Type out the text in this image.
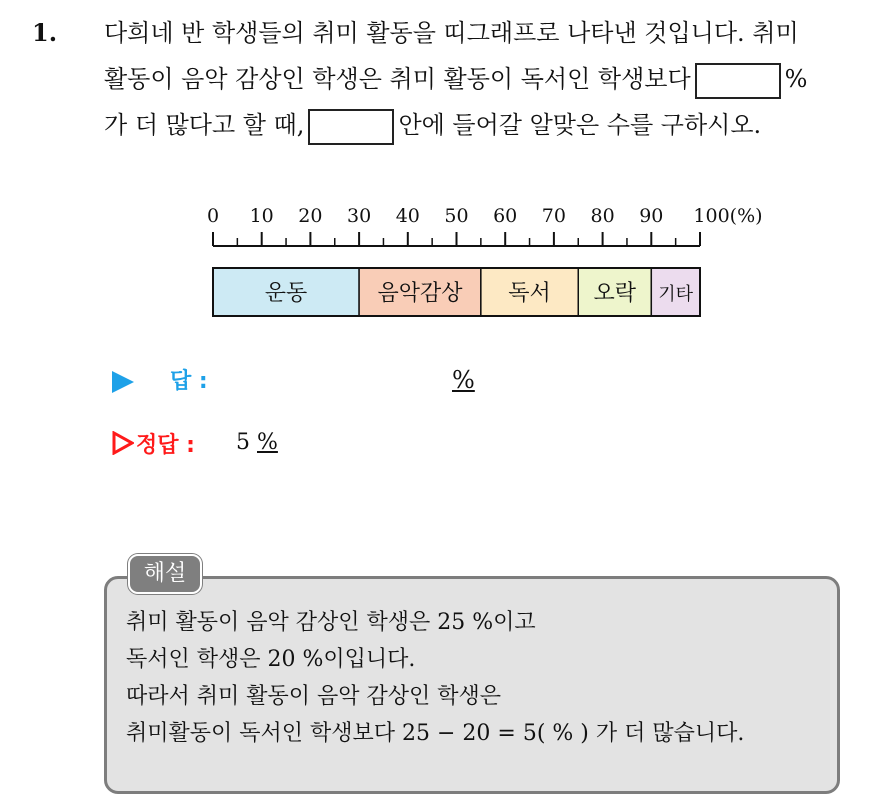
1. 다희네 반 학생들의 취미 활동을 띠그래프로 나타낸 것입니다. 취미
활동이 음악 감상인 학생은 취미 활동이 독서인 학생보다	%
가 더 많다고 할 때,	안에 들어갈 알맞은 수를 구하시오.
0 10 20 30 40 50 60 70 80 90 100(%)
운동	음악감상 독서 오락 기타
답 :	%
정답 : 5 %
해설
취미 활동이 음악 감상인 학생은 25 %이고
독서인 학생은 20 %이입니다.
따라서 취미 활동이 음악 감상인 학생은
취미활동이 독서인 학생보다 25 − 20 = 5( % ) 가 더 많습니다.
